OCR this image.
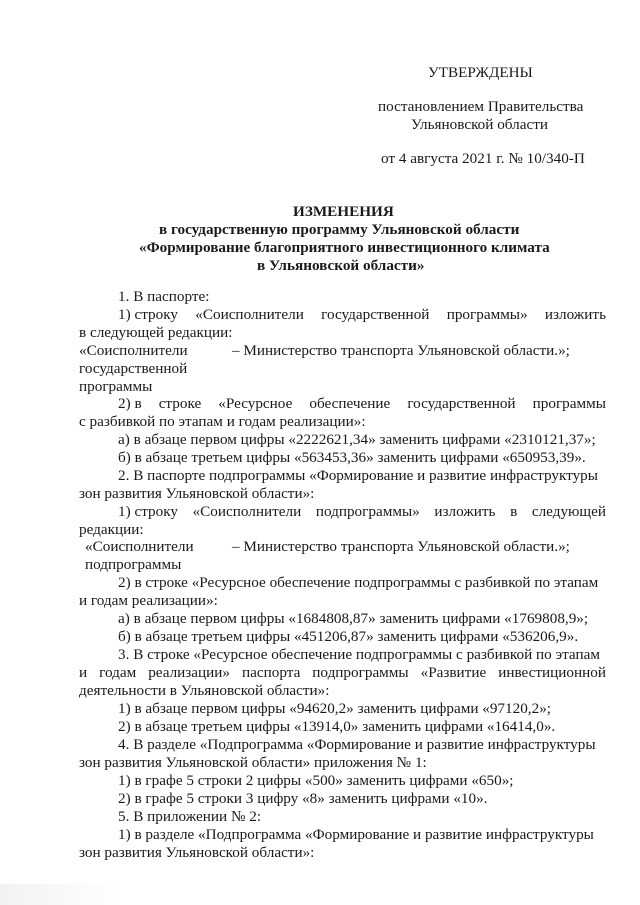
УТВЕРЖДЕНЫ
постановлением Правительства
Ульяновской области
от 4 августа 2021 г. № 10/340-П
ИЗМЕНЕНИЯ
в государственную программу Ульяновской области
«Формирование благоприятного инвестиционного климата
в Ульяновской области»
1. В паспорте:
1) строку «Соисполнители государственной программы» изложить
в следующей редакции:
«Соисполнители	– Министерство транспорта Ульяновской области.»;
государственной
программы
2) в строке «Ресурсное обеспечение государственной программы
с разбивкой по этапам и годам реализации»:
а) в абзаце первом цифры «2222621,34» заменить цифрами «2310121,37»;
б) в абзаце третьем цифры «563453,36» заменить цифрами «650953,39».
2. В паспорте подпрограммы «Формирование и развитие инфраструктуры
зон развития Ульяновской области»:
1) строку «Соисполнители подпрограммы» изложить в следующей
редакции:
«Соисполнители	– Министерство транспорта Ульяновской области.»;
подпрограммы
2) в строке «Ресурсное обеспечение подпрограммы с разбивкой по этапам
и годам реализации»:
а) в абзаце первом цифры «1684808,87» заменить цифрами «1769808,9»;
б) в абзаце третьем цифры «451206,87» заменить цифрами «536206,9».
3. В строке «Ресурсное обеспечение подпрограммы с разбивкой по этапам
и годам реализации» паспорта подпрограммы «Развитие инвестиционной
деятельности в Ульяновской области»:
1) в абзаце первом цифры «94620,2» заменить цифрами «97120,2»;
2) в абзаце третьем цифры «13914,0» заменить цифрами «16414,0».
4. В разделе «Подпрограмма «Формирование и развитие инфраструктуры
зон развития Ульяновской области» приложения № 1:
1) в графе 5 строки 2 цифры «500» заменить цифрами «650»;
2) в графе 5 строки 3 цифру «8» заменить цифрами «10».
5. В приложении № 2:
1) в разделе «Подпрограмма «Формирование и развитие инфраструктуры
зон развития Ульяновской области»:
